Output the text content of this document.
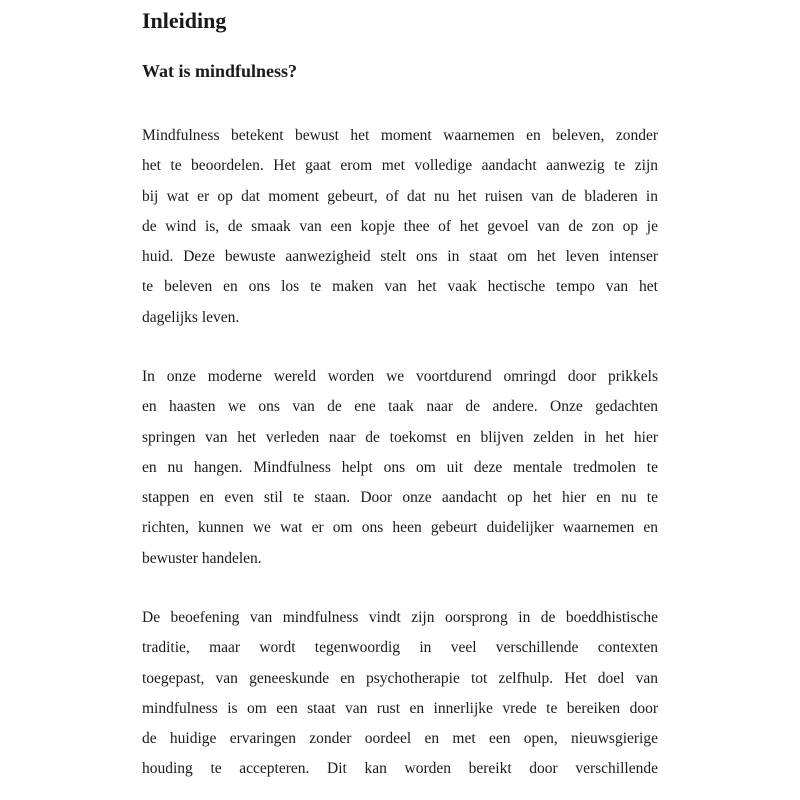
Inleiding
Wat is mindfulness?
Mindfulness betekent bewust het moment waarnemen en beleven, zonder
het te beoordelen. Het gaat erom met volledige aandacht aanwezig te zijn
bij wat er op dat moment gebeurt, of dat nu het ruisen van de bladeren in
de wind is, de smaak van een kopje thee of het gevoel van de zon op je
huid. Deze bewuste aanwezigheid stelt ons in staat om het leven intenser
te beleven en ons los te maken van het vaak hectische tempo van het
dagelijks leven.
In onze moderne wereld worden we voortdurend omringd door prikkels
en haasten we ons van de ene taak naar de andere. Onze gedachten
springen van het verleden naar de toekomst en blijven zelden in het hier
en nu hangen. Mindfulness helpt ons om uit deze mentale tredmolen te
stappen en even stil te staan. Door onze aandacht op het hier en nu te
richten, kunnen we wat er om ons heen gebeurt duidelijker waarnemen en
bewuster handelen.
De beoefening van mindfulness vindt zijn oorsprong in de boeddhistische
traditie, maar wordt tegenwoordig in veel verschillende contexten
toegepast, van geneeskunde en psychotherapie tot zelfhulp. Het doel van
mindfulness is om een staat van rust en innerlijke vrede te bereiken door
de huidige ervaringen zonder oordeel en met een open, nieuwsgierige
houding te accepteren. Dit kan worden bereikt door verschillende
